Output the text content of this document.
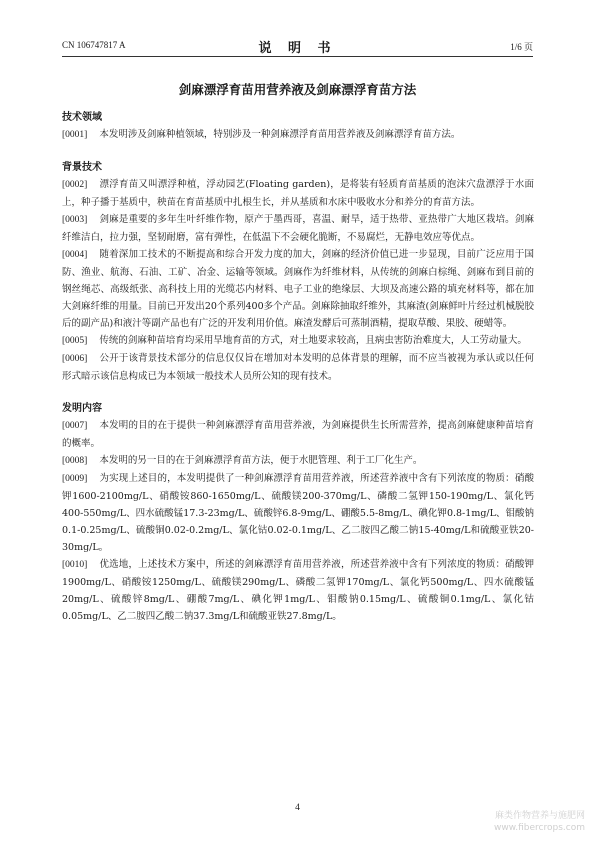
CN 106747817 A	说 明 书	1/6 页
剑麻漂浮育苗用营养液及剑麻漂浮育苗方法
技术领域

[0001] 本发明涉及剑麻种植领域，特别涉及一种剑麻漂浮育苗用营养液及剑麻漂浮育苗方法。

背景技术

[0002] 漂浮育苗又叫漂浮种植，浮动园艺(Floating garden)，是将装有轻质育苗基质的泡沫穴盘漂浮于水面上，种子播于基质中，秧苗在育苗基质中扎根生长，并从基质和水床中吸收水分和养分的育苗方法。

[0003] 剑麻是重要的多年生叶纤维作物，原产于墨西哥，喜温、耐旱，适于热带、亚热带广大地区栽培。剑麻纤维洁白，拉力强，坚韧耐磨，富有弹性，在低温下不会硬化脆断，不易腐烂，无静电效应等优点。

[0004] 随着深加工技术的不断提高和综合开发力度的加大，剑麻的经济价值已进一步显现，目前广泛应用于国防、渔业、航海、石油、工矿、冶金、运输等领域。剑麻作为纤维材料，从传统的剑麻白棕绳、剑麻布到目前的钢丝绳芯、高级纸张、高科技上用的光缆芯内材料、电子工业的绝缘层、大坝及高速公路的填充材料等，都在加大剑麻纤维的用量。目前已开发出20个系列400多个产品。剑麻除抽取纤维外，其麻渣(剑麻鲜叶片经过机械脱胶后的副产品)和液汁等副产品也有广泛的开发利用价值。麻渣发酵后可蒸制酒精，提取草酸、果胶、硬蜡等。

[0005] 传统的剑麻种苗培育均采用旱地育苗的方式，对土地要求较高，且病虫害防治难度大，人工劳动量大。

[0006] 公开于该背景技术部分的信息仅仅旨在增加对本发明的总体背景的理解，而不应当被视为承认或以任何形式暗示该信息构成已为本领域一般技术人员所公知的现有技术。

发明内容

[0007] 本发明的目的在于提供一种剑麻漂浮育苗用营养液，为剑麻提供生长所需营养，提高剑麻健康种苗培育的概率。

[0008] 本发明的另一目的在于剑麻漂浮育苗方法，便于水肥管理、利于工厂化生产。

[0009] 为实现上述目的，本发明提供了一种剑麻漂浮育苗用营养液，所述营养液中含有下列浓度的物质：硝酸钾1600-2100mg/L、硝酸铵860-1650mg/L、硫酸镁200-370mg/L、磷酸二氢钾150-190mg/L、氯化钙400-550mg/L、四水硫酸锰17.3-23mg/L、硫酸锌6.8-9mg/L、硼酸5.5-8mg/L、碘化钾0.8-1mg/L、钼酸钠0.1-0.25mg/L、硫酸铜0.02-0.2mg/L、氯化钴0.02-0.1mg/L、乙二胺四乙酸二钠15-40mg/L和硫酸亚铁20-30mg/L。

[0010] 优选地，上述技术方案中，所述的剑麻漂浮育苗用营养液，所述营养液中含有下列浓度的物质：硝酸钾1900mg/L、硝酸铵1250mg/L、硫酸镁290mg/L、磷酸二氢钾170mg/L、氯化钙500mg/L、四水硫酸锰20mg/L、硫酸锌8mg/L、硼酸7mg/L、碘化钾1mg/L、钼酸钠0.15mg/L、硫酸铜0.1mg/L、氯化钴0.05mg/L、乙二胺四乙酸二钠37.3mg/L和硫酸亚铁27.8mg/L。

4
麻类作物营养与施肥网
www.fibercrops.com
